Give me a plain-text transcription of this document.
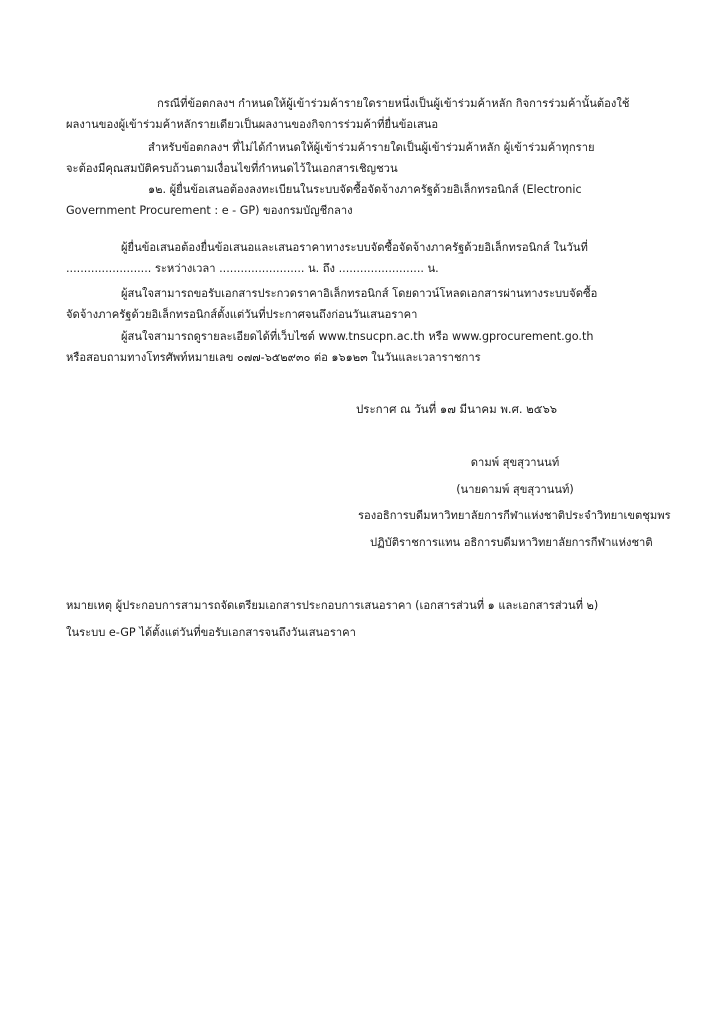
กรณีที่ข้อตกลงฯ กำหนดให้ผู้เข้าร่วมค้ารายใดรายหนึ่งเป็นผู้เข้าร่วมค้าหลัก กิจการร่วมค้านั้นต้องใช้
ผลงานของผู้เข้าร่วมค้าหลักรายเดียวเป็นผลงานของกิจการร่วมค้าที่ยื่นข้อเสนอ
สำหรับข้อตกลงฯ ที่ไม่ได้กำหนดให้ผู้เข้าร่วมค้ารายใดเป็นผู้เข้าร่วมค้าหลัก ผู้เข้าร่วมค้าทุกราย
จะต้องมีคุณสมบัติครบถ้วนตามเงื่อนไขที่กำหนดไว้ในเอกสารเชิญชวน
๑๒. ผู้ยื่นข้อเสนอต้องลงทะเบียนในระบบจัดซื้อจัดจ้างภาครัฐด้วยอิเล็กทรอนิกส์ (Electronic
Government Procurement : e - GP) ของกรมบัญชีกลาง
ผู้ยื่นข้อเสนอต้องยื่นข้อเสนอและเสนอราคาทางระบบจัดซื้อจัดจ้างภาครัฐด้วยอิเล็กทรอนิกส์ ในวันที่
........................ ระหว่างเวลา ........................ น. ถึง ........................ น.
ผู้สนใจสามารถขอรับเอกสารประกวดราคาอิเล็กทรอนิกส์ โดยดาวน์โหลดเอกสารผ่านทางระบบจัดซื้อ
จัดจ้างภาครัฐด้วยอิเล็กทรอนิกส์ตั้งแต่วันที่ประกาศจนถึงก่อนวันเสนอราคา
ผู้สนใจสามารถดูรายละเอียดได้ที่เว็บไซต์ www.tnsucpn.ac.th หรือ www.gprocurement.go.th
หรือสอบถามทางโทรศัพท์หมายเลข ๐๗๗-๖๕๒๙๓๐ ต่อ ๑๖๑๒๓ ในวันและเวลาราชการ
ประกาศ ณ วันที่ ๑๗ มีนาคม พ.ศ. ๒๕๖๖
ดามพ์ สุขสุวานนท์
(นายดามพ์ สุขสุวานนท์)
รองอธิการบดีมหาวิทยาลัยการกีฬาแห่งชาติประจำวิทยาเขตชุมพร
ปฏิบัติราชการแทน อธิการบดีมหาวิทยาลัยการกีฬาแห่งชาติ
หมายเหตุ ผู้ประกอบการสามารถจัดเตรียมเอกสารประกอบการเสนอราคา (เอกสารส่วนที่ ๑ และเอกสารส่วนที่ ๒)
ในระบบ e-GP ได้ตั้งแต่วันที่ขอรับเอกสารจนถึงวันเสนอราคา
